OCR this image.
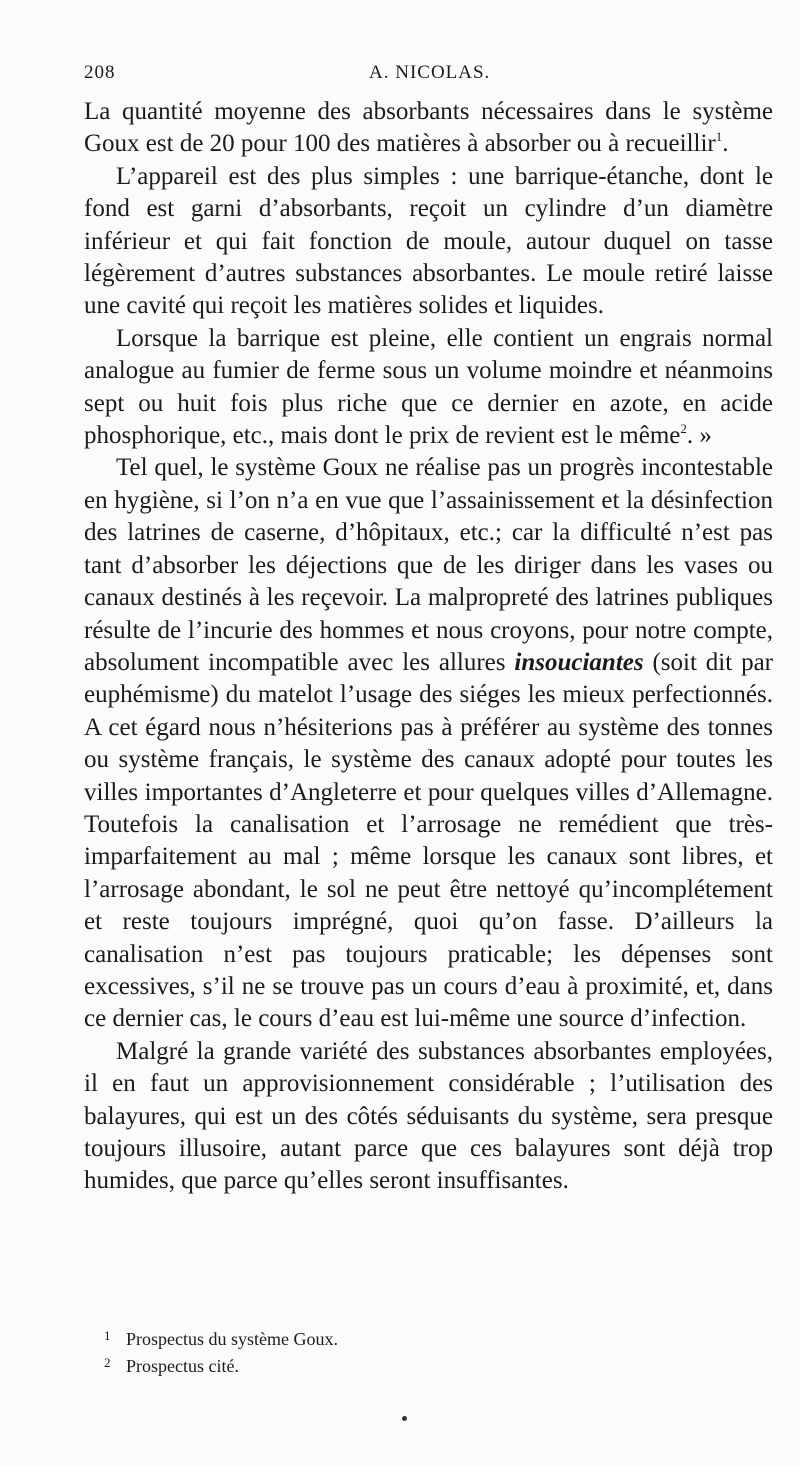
208	A. NICOLAS.

La quantité moyenne des absorbants nécessaires dans le système Goux est de 20 pour 100 des matières à absorber ou à recueillir$^1$.

L’appareil est des plus simples : une barrique-étanche, dont le fond est garni d’absorbants, reçoit un cylindre d’un diamètre inférieur et qui fait fonction de moule, autour duquel on tasse légèrement d’autres substances absorbantes. Le moule retiré laisse une cavité qui reçoit les matières solides et liquides.

Lorsque la barrique est pleine, elle contient un engrais normal analogue au fumier de ferme sous un volume moindre et néanmoins sept ou huit fois plus riche que ce dernier en azote, en acide phosphorique, etc., mais dont le prix de revient est le même$^2$. »

Tel quel, le système Goux ne réalise pas un progrès incontestable en hygiène, si l’on n’a en vue que l’assainissement et la désinfection des latrines de caserne, d’hôpitaux, etc.; car la difficulté n’est pas tant d’absorber les déjections que de les diriger dans les vases ou canaux destinés à les reçevoir. La malpropreté des latrines publiques résulte de l’incurie des hommes et nous croyons, pour notre compte, absolument incompatible avec les allures insouciantes (soit dit par euphémisme) du matelot l’usage des siéges les mieux perfectionnés. A cet égard nous n’hésiterions pas à préférer au système des tonnes ou système français, le système des canaux adopté pour toutes les villes importantes d’Angleterre et pour quelques villes d’Allemagne. Toutefois la canalisation et l’arrosage ne remédient que très-imparfaitement au mal ; même lorsque les canaux sont libres, et l’arrosage abondant, le sol ne peut être nettoyé qu’incomplétement et reste toujours imprégné, quoi qu’on fasse. D’ailleurs la canalisation n’est pas toujours praticable; les dépenses sont excessives, s’il ne se trouve pas un cours d’eau à proximité, et, dans ce dernier cas, le cours d’eau est lui-même une source d’infection.

Malgré la grande variété des substances absorbantes employées, il en faut un approvisionnement considérable ; l’utilisation des balayures, qui est un des côtés séduisants du système, sera presque toujours illusoire, autant parce que ces balayures sont déjà trop humides, que parce qu’elles seront insuffisantes.

1 Prospectus du système Goux.
2 Prospectus cité.
